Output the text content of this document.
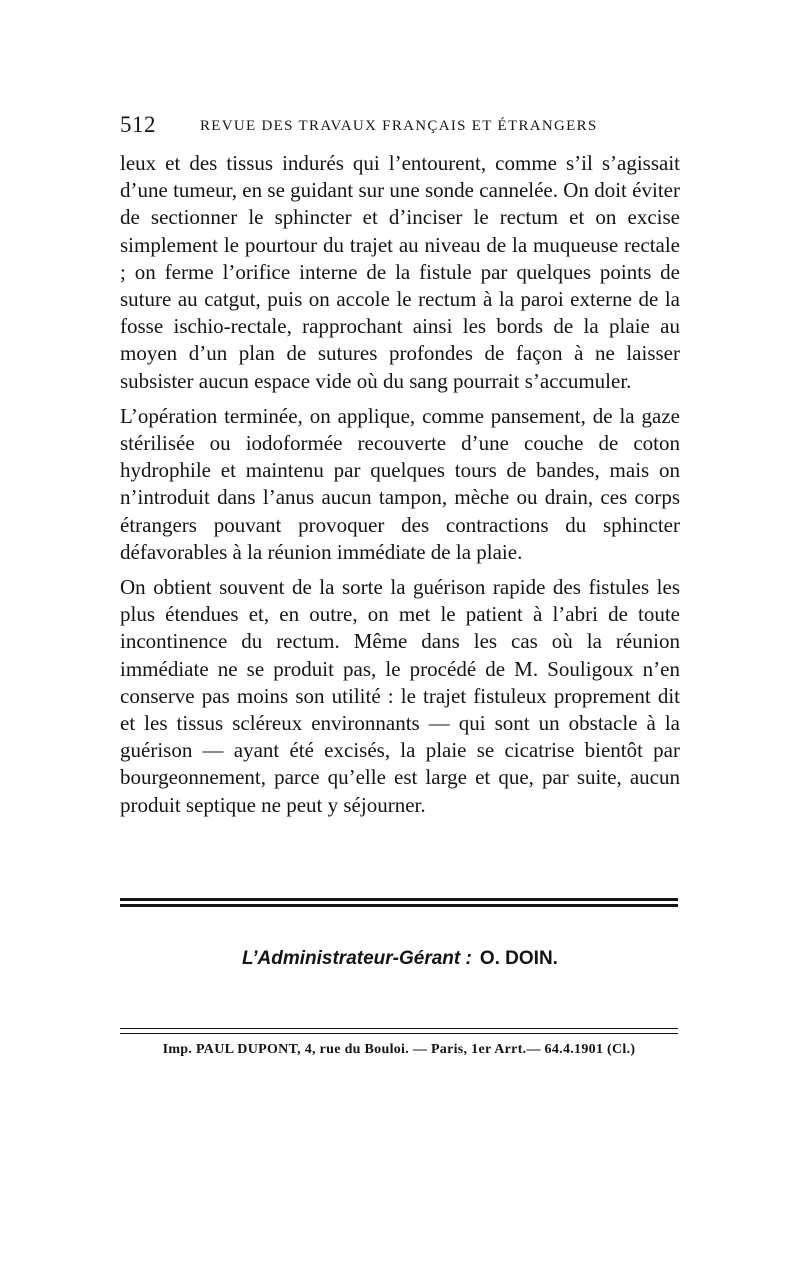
512	REVUE DES TRAVAUX FRANÇAIS ET ÉTRANGERS

leux et des tissus indurés qui l’entourent, comme s’il s’agissait d’une tumeur, en se guidant sur une sonde cannelée. On doit éviter de sectionner le sphincter et d’inciser le rectum et on excise simplement le pourtour du trajet au niveau de la muqueuse rectale ; on ferme l’orifice interne de la fistule par quelques points de suture au catgut, puis on accole le rectum à la paroi externe de la fosse ischio-rectale, rapprochant ainsi les bords de la plaie au moyen d’un plan de sutures profondes de façon à ne laisser subsister aucun espace vide où du sang pourrait s’accumuler.

L’opération terminée, on applique, comme pansement, de la gaze stérilisée ou iodoformée recouverte d’une couche de coton hydrophile et maintenu par quelques tours de bandes, mais on n’introduit dans l’anus aucun tampon, mèche ou drain, ces corps étrangers pouvant provoquer des contractions du sphincter défavorables à la réunion immédiate de la plaie.

On obtient souvent de la sorte la guérison rapide des fistules les plus étendues et, en outre, on met le patient à l’abri de toute incontinence du rectum. Même dans les cas où la réunion immédiate ne se produit pas, le procédé de M. Souligoux n’en conserve pas moins son utilité : le trajet fistuleux proprement dit et les tissus scléreux environnants — qui sont un obstacle à la guérison — ayant été excisés, la plaie se cicatrise bientôt par bourgeonnement, parce qu’elle est large et que, par suite, aucun produit septique ne peut y séjourner.

L’Administrateur-Gérant : O. DOIN.
Imp. PAUL DUPONT, 4, rue du Bouloi. — Paris, 1er Arrt.— 64.4.1901 (Cl.)
